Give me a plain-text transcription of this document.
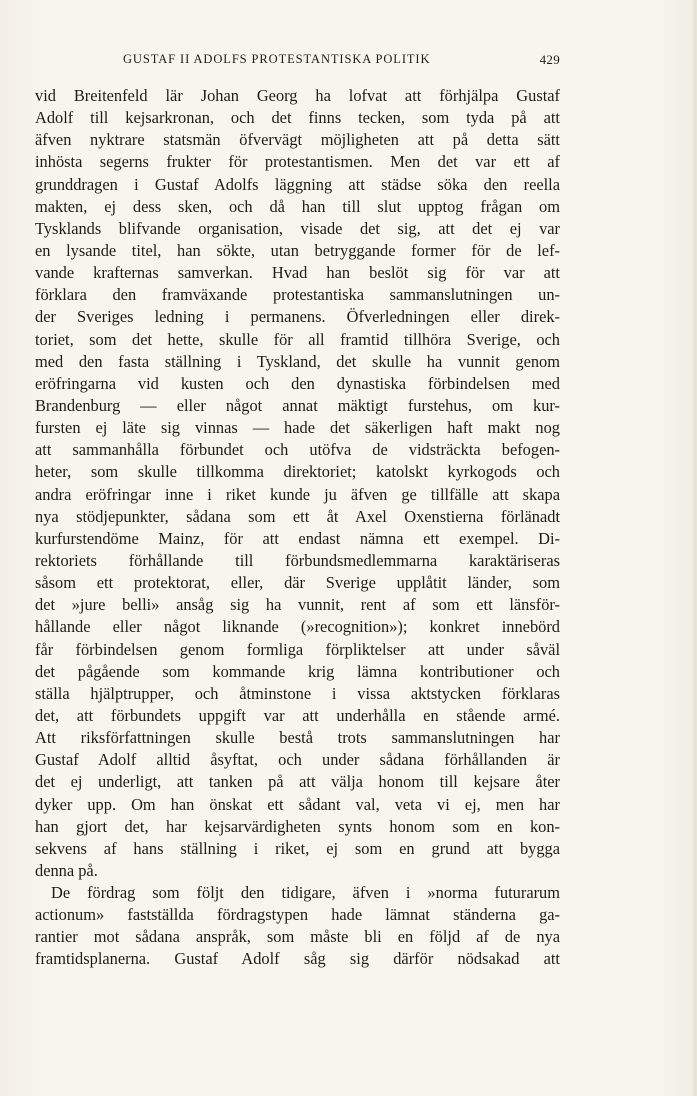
GUSTAF II ADOLFS PROTESTANTISKA POLITIK	429
vid Breitenfeld lär Johan Georg ha lofvat att förhjälpa Gustaf
Adolf till kejsarkronan, och det finns tecken, som tyda på att
äfven nyktrare statsmän öfvervägt möjligheten att på detta sätt
inhösta segerns frukter för protestantismen. Men det var ett af
grunddragen i Gustaf Adolfs läggning att städse söka den reella
makten, ej dess sken, och då han till slut upptog frågan om
Tysklands blifvande organisation, visade det sig, att det ej var
en lysande titel, han sökte, utan betryggande former för de lef-
vande krafternas samverkan. Hvad han beslöt sig för var att
förklara den framväxande protestantiska sammanslutningen un-
der Sveriges ledning i permanens. Öfverledningen eller direk-
toriet, som det hette, skulle för all framtid tillhöra Sverige, och
med den fasta ställning i Tyskland, det skulle ha vunnit genom
eröfringarna vid kusten och den dynastiska förbindelsen med
Brandenburg — eller något annat mäktigt furstehus, om kur-
fursten ej läte sig vinnas — hade det säkerligen haft makt nog
att sammanhålla förbundet och utöfva de vidsträckta befogen-
heter, som skulle tillkomma direktoriet; katolskt kyrkogods och
andra eröfringar inne i riket kunde ju äfven ge tillfälle att skapa
nya stödjepunkter, sådana som ett åt Axel Oxenstierna förlänadt
kurfurstendöme Mainz, för att endast nämna ett exempel. Di-
rektoriets förhållande till förbundsmedlemmarna karaktäriseras
såsom ett protektorat, eller, där Sverige upplåtit länder, som
det »jure belli» ansåg sig ha vunnit, rent af som ett länsför-
hållande eller något liknande (»recognition»); konkret innebörd
får förbindelsen genom formliga förpliktelser att under såväl
det pågående som kommande krig lämna kontributioner och
ställa hjälptrupper, och åtminstone i vissa aktstycken förklaras
det, att förbundets uppgift var att underhålla en stående armé.
Att riksförfattningen skulle bestå trots sammanslutningen har
Gustaf Adolf alltid åsyftat, och under sådana förhållanden är
det ej underligt, att tanken på att välja honom till kejsare åter
dyker upp. Om han önskat ett sådant val, veta vi ej, men har
han gjort det, har kejsarvärdigheten synts honom som en kon-
sekvens af hans ställning i riket, ej som en grund att bygga
denna på.
De fördrag som följt den tidigare, äfven i »norma futurarum
actionum» fastställda fördragstypen hade lämnat ständerna ga-
rantier mot sådana anspråk, som måste bli en följd af de nya
framtidsplanerna. Gustaf Adolf såg sig därför nödsakad att
